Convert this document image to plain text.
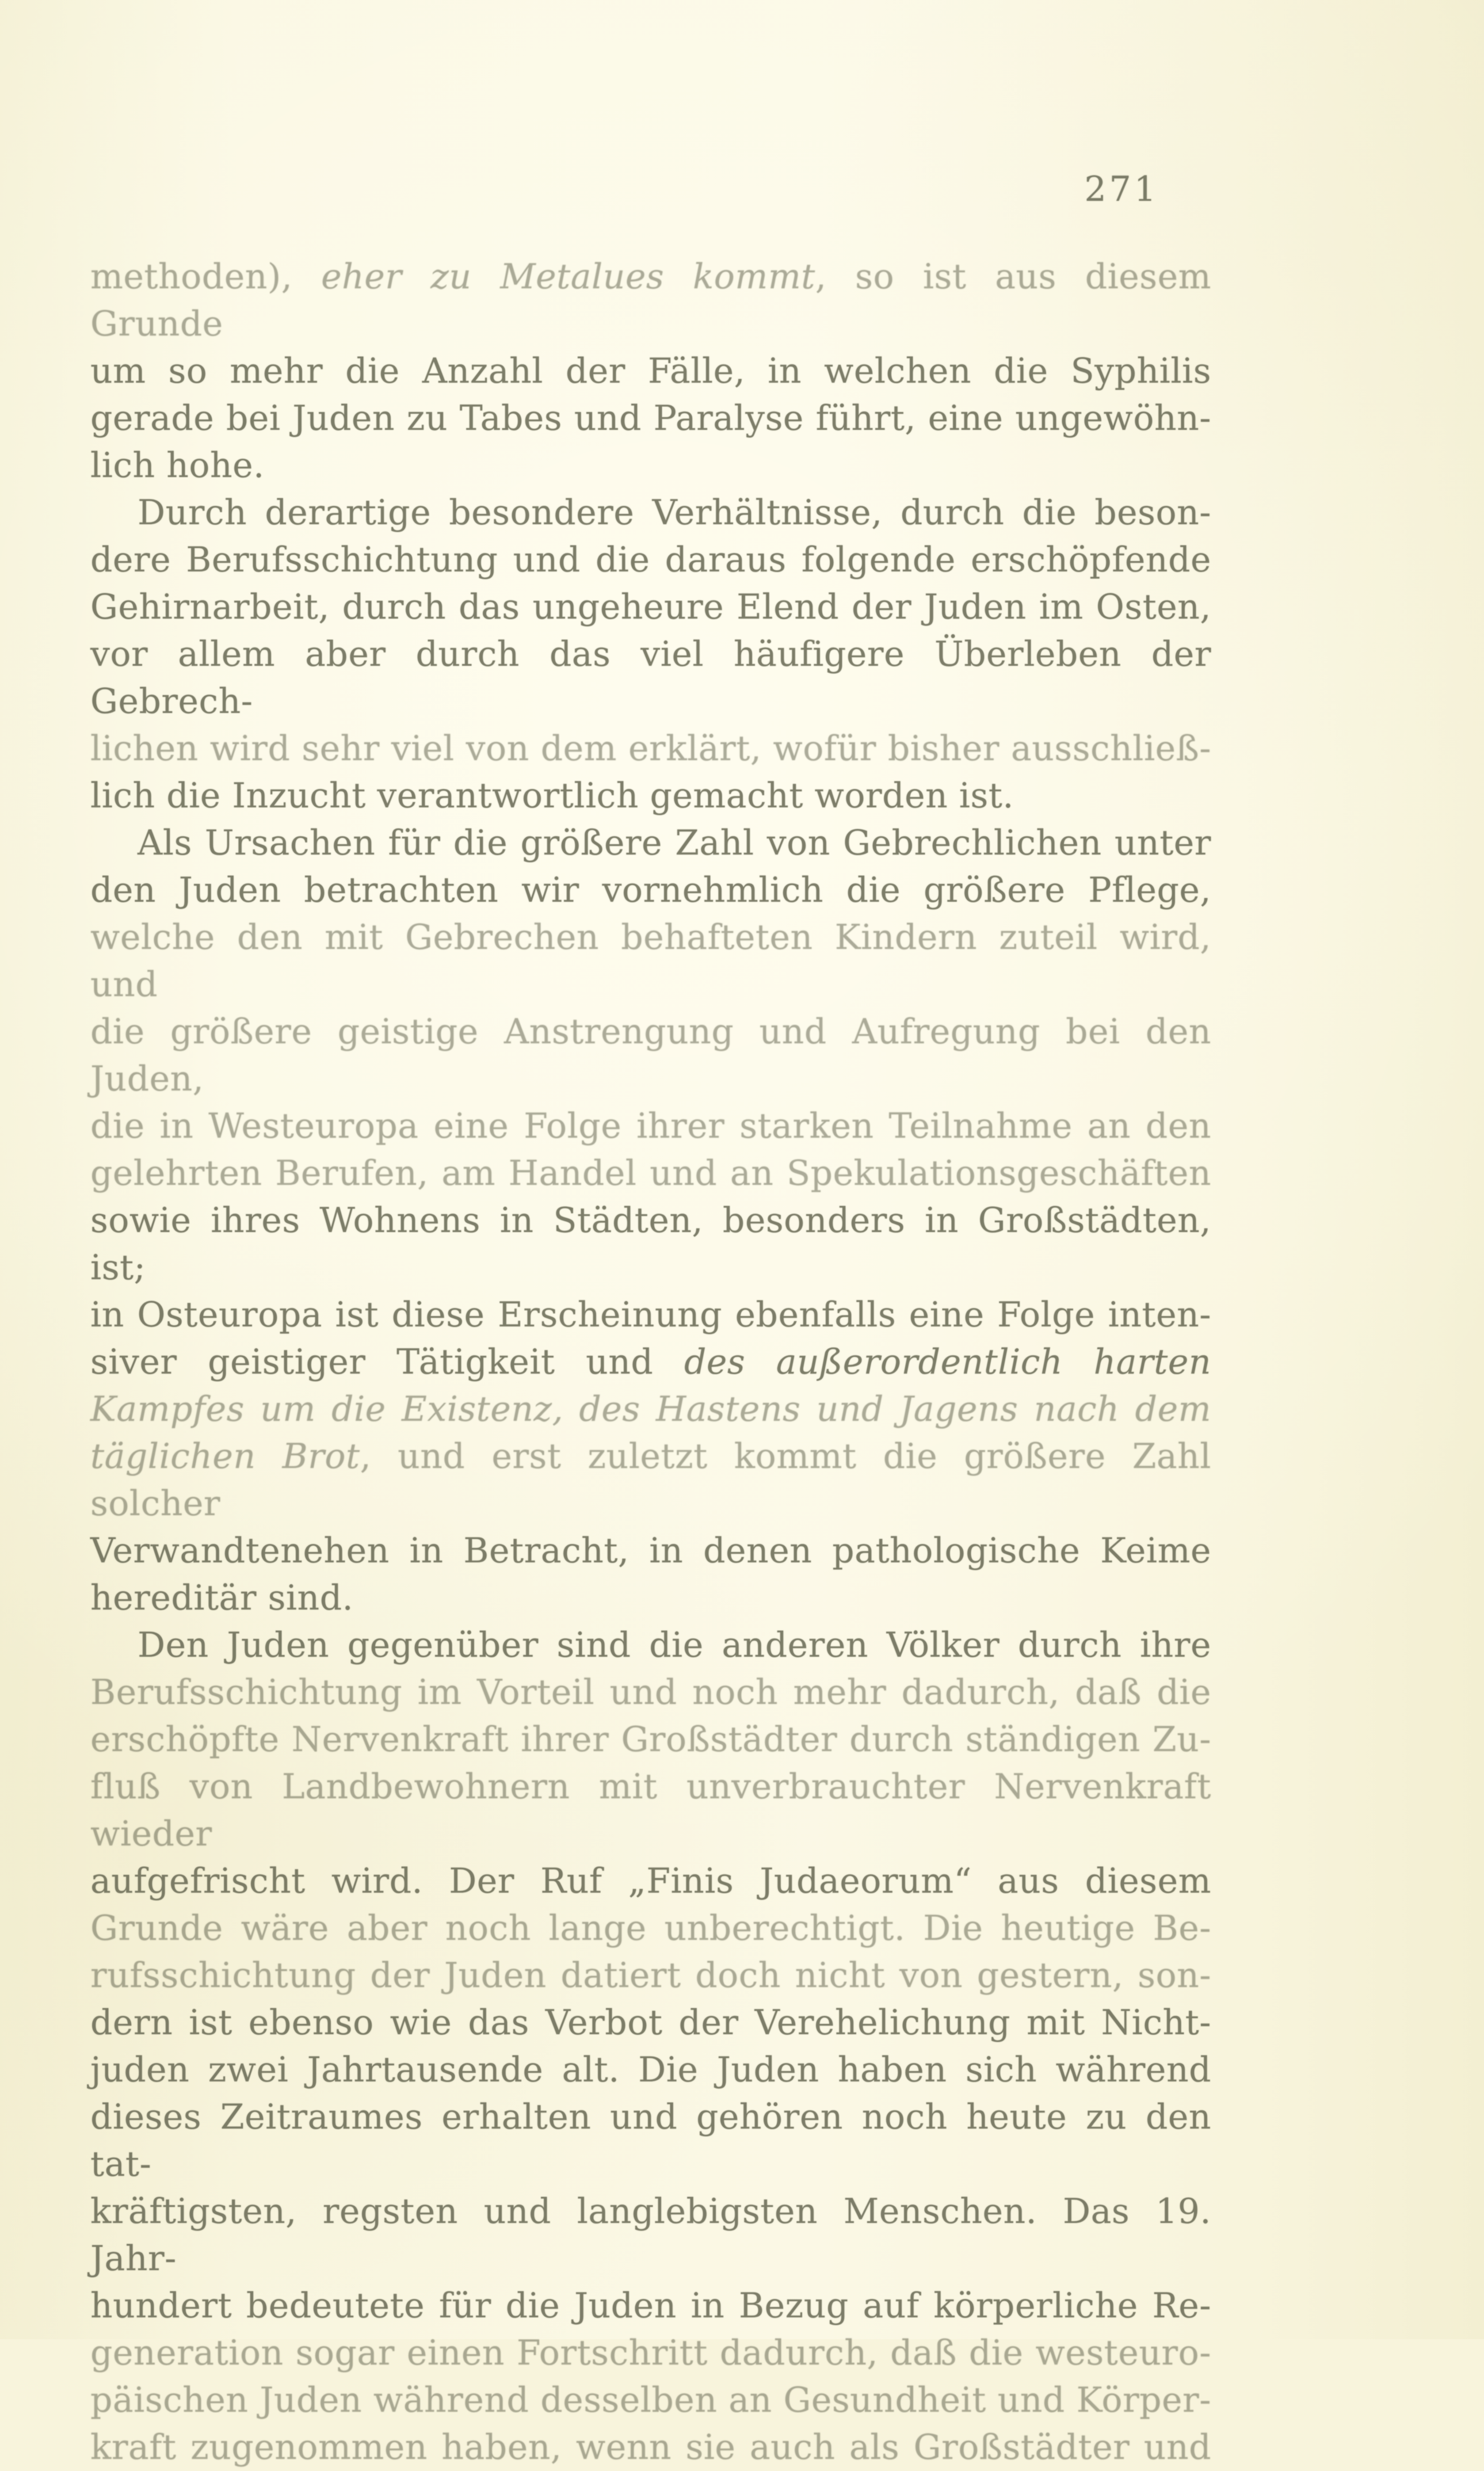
271
methoden), eher zu Metalues kommt, so ist aus diesem Grunde
um so mehr die Anzahl der Fälle, in welchen die Syphilis
gerade bei Juden zu Tabes und Paralyse führt, eine ungewöhn-
lich hohe.
Durch derartige besondere Verhältnisse, durch die beson-
dere Berufsschichtung und die daraus folgende erschöpfende
Gehirnarbeit, durch das ungeheure Elend der Juden im Osten,
vor allem aber durch das viel häufigere Überleben der Gebrech-
lichen wird sehr viel von dem erklärt, wofür bisher ausschließ-
lich die Inzucht verantwortlich gemacht worden ist.
Als Ursachen für die größere Zahl von Gebrechlichen unter
den Juden betrachten wir vornehmlich die größere Pflege,
welche den mit Gebrechen behafteten Kindern zuteil wird, und
die größere geistige Anstrengung und Aufregung bei den Juden,
die in Westeuropa eine Folge ihrer starken Teilnahme an den
gelehrten Berufen, am Handel und an Spekulationsgeschäften
sowie ihres Wohnens in Städten, besonders in Großstädten, ist;
in Osteuropa ist diese Erscheinung ebenfalls eine Folge inten-
siver geistiger Tätigkeit und des außerordentlich harten
Kampfes um die Existenz, des Hastens und Jagens nach dem
täglichen Brot, und erst zuletzt kommt die größere Zahl solcher
Verwandtenehen in Betracht, in denen pathologische Keime
hereditär sind.
Den Juden gegenüber sind die anderen Völker durch ihre
Berufsschichtung im Vorteil und noch mehr dadurch, daß die
erschöpfte Nervenkraft ihrer Großstädter durch ständigen Zu-
fluß von Landbewohnern mit unverbrauchter Nervenkraft wieder
aufgefrischt wird. Der Ruf „Finis Judaeorum“ aus diesem
Grunde wäre aber noch lange unberechtigt. Die heutige Be-
rufsschichtung der Juden datiert doch nicht von gestern, son-
dern ist ebenso wie das Verbot der Verehelichung mit Nicht-
juden zwei Jahrtausende alt. Die Juden haben sich während
dieses Zeitraumes erhalten und gehören noch heute zu den tat-
kräftigsten, regsten und langlebigsten Menschen. Das 19. Jahr-
hundert bedeutete für die Juden in Bezug auf körperliche Re-
generation sogar einen Fortschritt dadurch, daß die westeuro-
päischen Juden während desselben an Gesundheit und Körper-
kraft zugenommen haben, wenn sie auch als Großstädter und
